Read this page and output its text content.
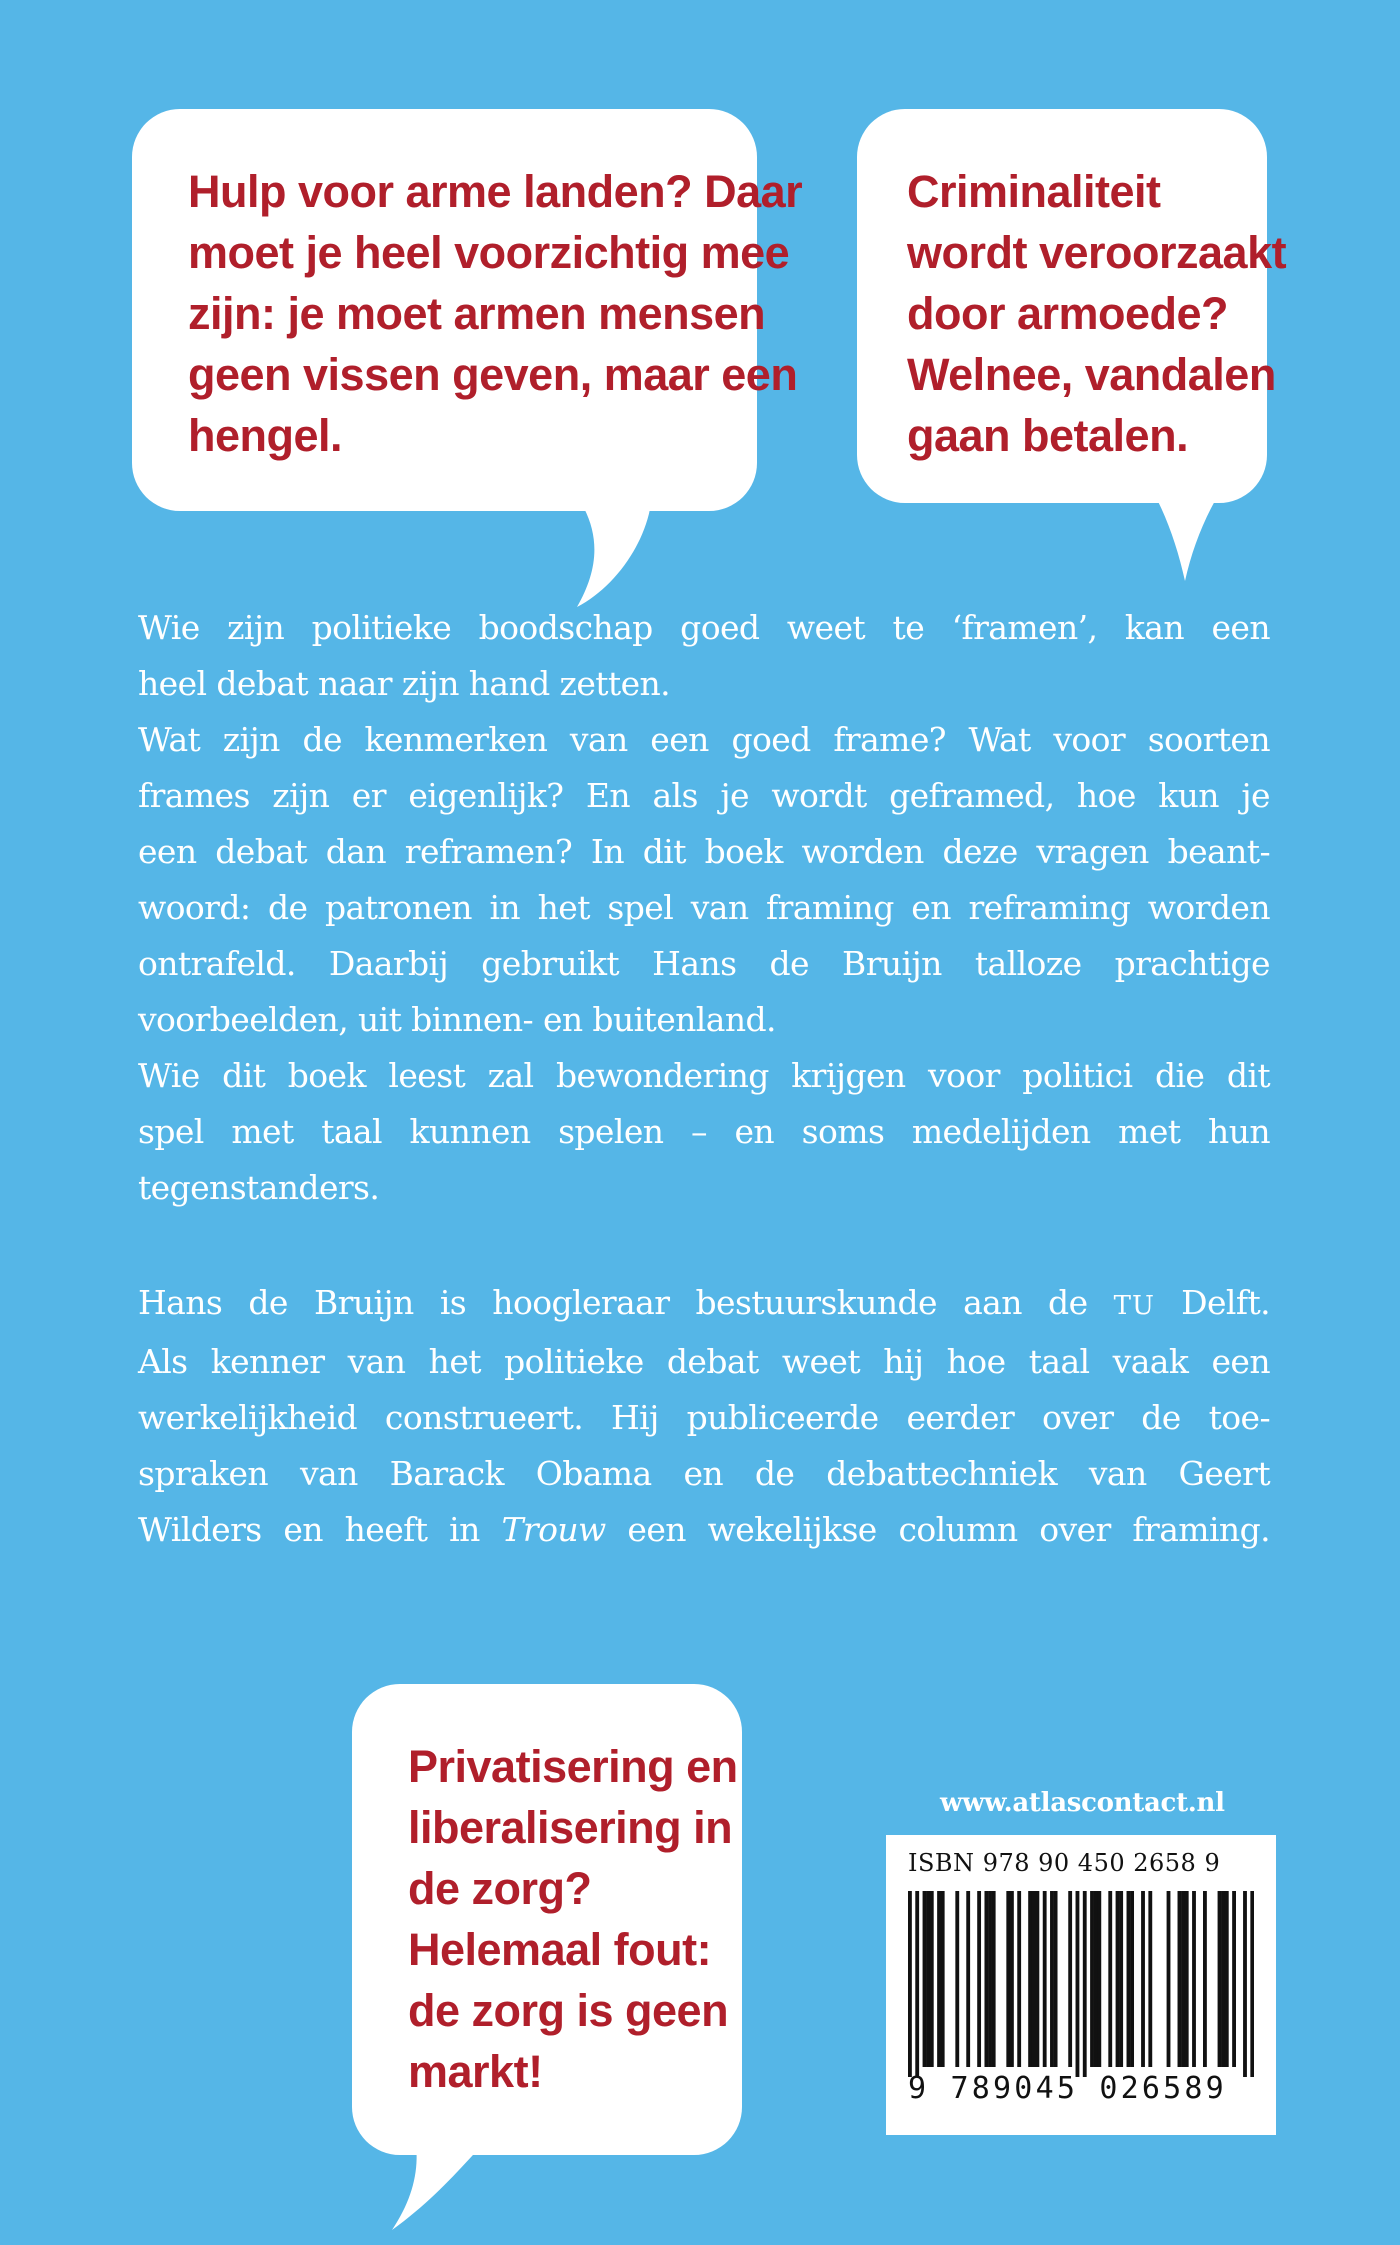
Hulp voor arme landen? Daar
moet je heel voorzichtig mee
zijn: je moet armen mensen
geen vissen geven, maar een
hengel.

Criminaliteit
wordt veroorzaakt
door armoede?
Welnee, vandalen
gaan betalen.

Wie zijn politieke boodschap goed weet te ‘framen’, kan een
heel debat naar zijn hand zetten.
Wat zijn de kenmerken van een goed frame? Wat voor soorten
frames zijn er eigenlijk? En als je wordt geframed, hoe kun je
een debat dan reframen? In dit boek worden deze vragen beant-
woord: de patronen in het spel van framing en reframing worden
ontrafeld. Daarbij gebruikt Hans de Bruijn talloze prachtige
voorbeelden, uit binnen- en buitenland.
Wie dit boek leest zal bewondering krijgen voor politici die dit
spel met taal kunnen spelen – en soms medelijden met hun
tegenstanders.
Hans de Bruijn is hoogleraar bestuurskunde aan de TU Delft.
Als kenner van het politieke debat weet hij hoe taal vaak een
werkelijkheid construeert. Hij publiceerde eerder over de toe-
spraken van Barack Obama en de debattechniek van Geert
Wilders en heeft in Trouw een wekelijkse column over framing.

Privatisering en
liberalisering in
de zorg?
Helemaal fout:
de zorg is geen
markt!

www.atlascontact.nl
ISBN 978 90 450 2658 9
9 789045 026589
